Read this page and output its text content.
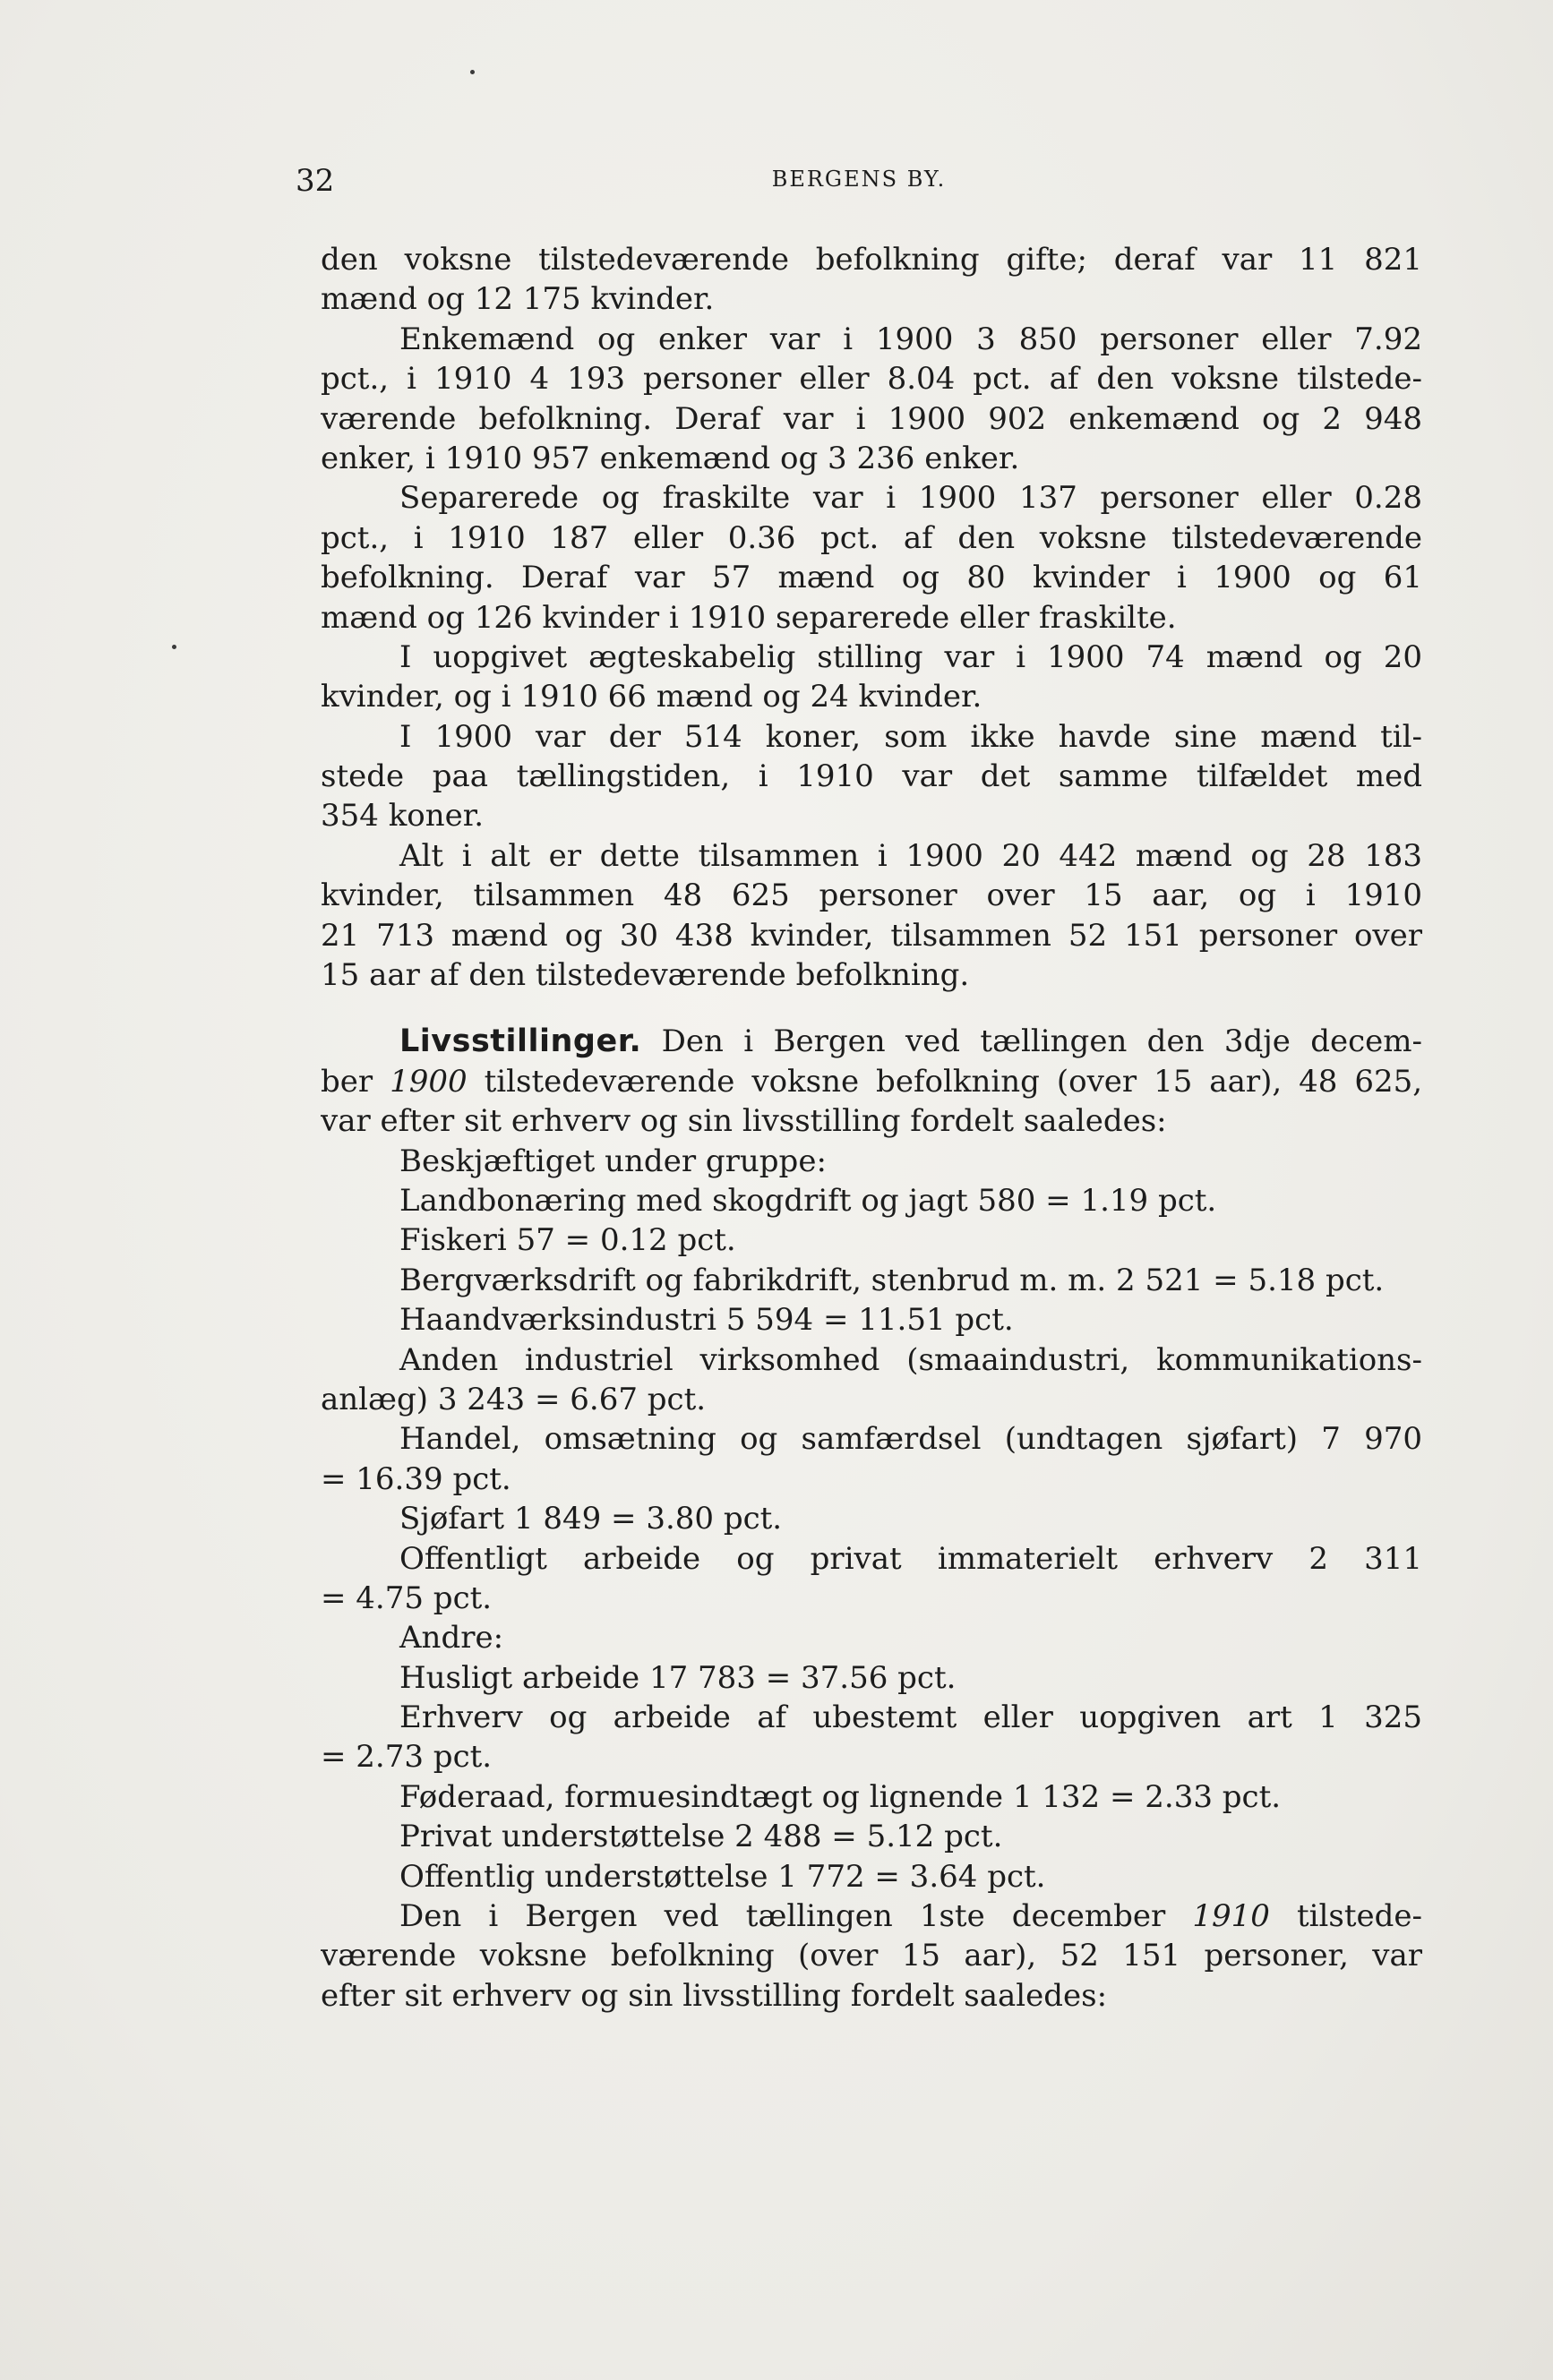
32	BERGENS BY.
den voksne tilstedeværende befolkning gifte; deraf var 11 821
mænd og 12 175 kvinder.
Enkemænd og enker var i 1900 3 850 personer eller 7.92
pct., i 1910 4 193 personer eller 8.04 pct. af den voksne tilstede-
værende befolkning. Deraf var i 1900 902 enkemænd og 2 948
enker, i 1910 957 enkemænd og 3 236 enker.
Separerede og fraskilte var i 1900 137 personer eller 0.28
pct., i 1910 187 eller 0.36 pct. af den voksne tilstedeværende
befolkning. Deraf var 57 mænd og 80 kvinder i 1900 og 61
mænd og 126 kvinder i 1910 separerede eller fraskilte.
I uopgivet ægteskabelig stilling var i 1900 74 mænd og 20
kvinder, og i 1910 66 mænd og 24 kvinder.
I 1900 var der 514 koner, som ikke havde sine mænd til-
stede paa tællingstiden, i 1910 var det samme tilfældet med
354 koner.
Alt i alt er dette tilsammen i 1900 20 442 mænd og 28 183
kvinder, tilsammen 48 625 personer over 15 aar, og i 1910
21 713 mænd og 30 438 kvinder, tilsammen 52 151 personer over
15 aar af den tilstedeværende befolkning.
Livsstillinger. Den i Bergen ved tællingen den 3dje decem-
ber 1900 tilstedeværende voksne befolkning (over 15 aar), 48 625,
var efter sit erhverv og sin livsstilling fordelt saaledes:
Beskjæftiget under gruppe:
Landbonæring med skogdrift og jagt 580 = 1.19 pct.
Fiskeri 57 = 0.12 pct.
Bergværksdrift og fabrikdrift, stenbrud m. m. 2 521 = 5.18 pct.
Haandværksindustri 5 594 = 11.51 pct.
Anden industriel virksomhed (smaaindustri, kommunikations-
anlæg) 3 243 = 6.67 pct.
Handel, omsætning og samfærdsel (undtagen sjøfart) 7 970
= 16.39 pct.
Sjøfart 1 849 = 3.80 pct.
Offentligt arbeide og privat immaterielt erhverv 2 311
= 4.75 pct.
Andre:
Husligt arbeide 17 783 = 37.56 pct.
Erhverv og arbeide af ubestemt eller uopgiven art 1 325
= 2.73 pct.
Føderaad, formuesindtægt og lignende 1 132 = 2.33 pct.
Privat understøttelse 2 488 = 5.12 pct.
Offentlig understøttelse 1 772 = 3.64 pct.
Den i Bergen ved tællingen 1ste december 1910 tilstede-
værende voksne befolkning (over 15 aar), 52 151 personer, var
efter sit erhverv og sin livsstilling fordelt saaledes:
